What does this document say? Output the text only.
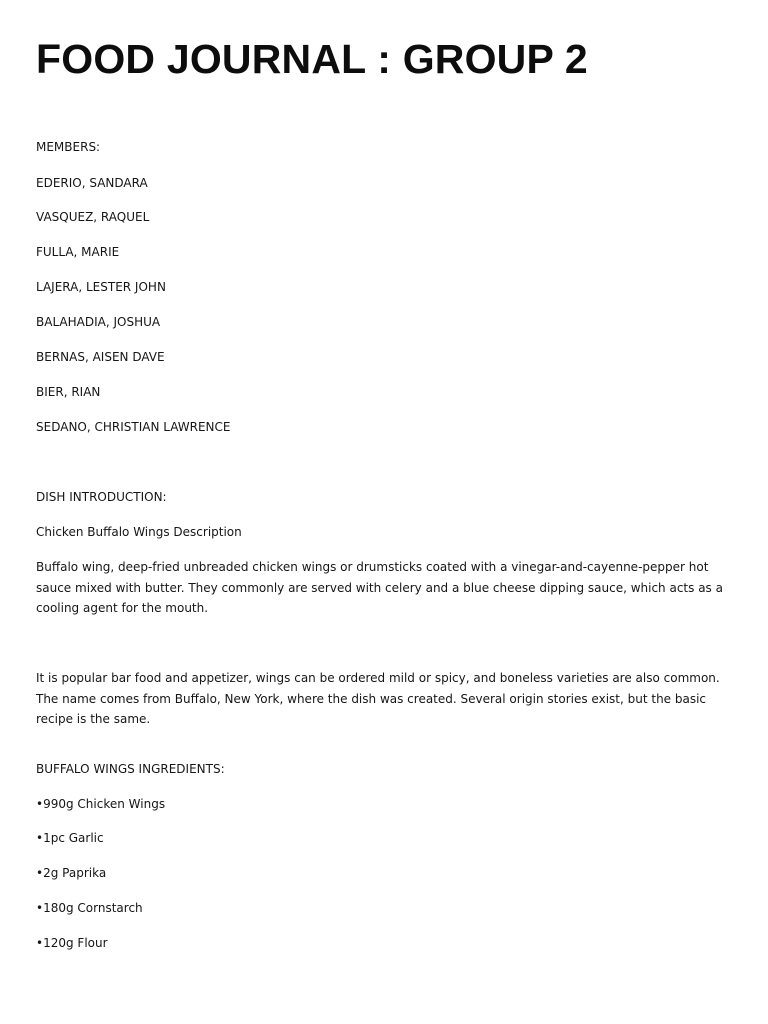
FOOD JOURNAL : GROUP 2
MEMBERS:
EDERIO, SANDARA
VASQUEZ, RAQUEL
FULLA, MARIE
LAJERA, LESTER JOHN
BALAHADIA, JOSHUA
BERNAS, AISEN DAVE
BIER, RIAN
SEDANO, CHRISTIAN LAWRENCE
DISH INTRODUCTION:
Chicken Buffalo Wings Description
Buffalo wing, deep-fried unbreaded chicken wings or drumsticks coated with a vinegar-and-cayenne-pepper hot sauce mixed with butter. They commonly are served with celery and a blue cheese dipping sauce, which acts as a cooling agent for the mouth.
It is popular bar food and appetizer, wings can be ordered mild or spicy, and boneless varieties are also common. The name comes from Buffalo, New York, where the dish was created. Several origin stories exist, but the basic recipe is the same.
BUFFALO WINGS INGREDIENTS:
•990g Chicken Wings
•1pc Garlic
•2g Paprika
•180g Cornstarch
•120g Flour
